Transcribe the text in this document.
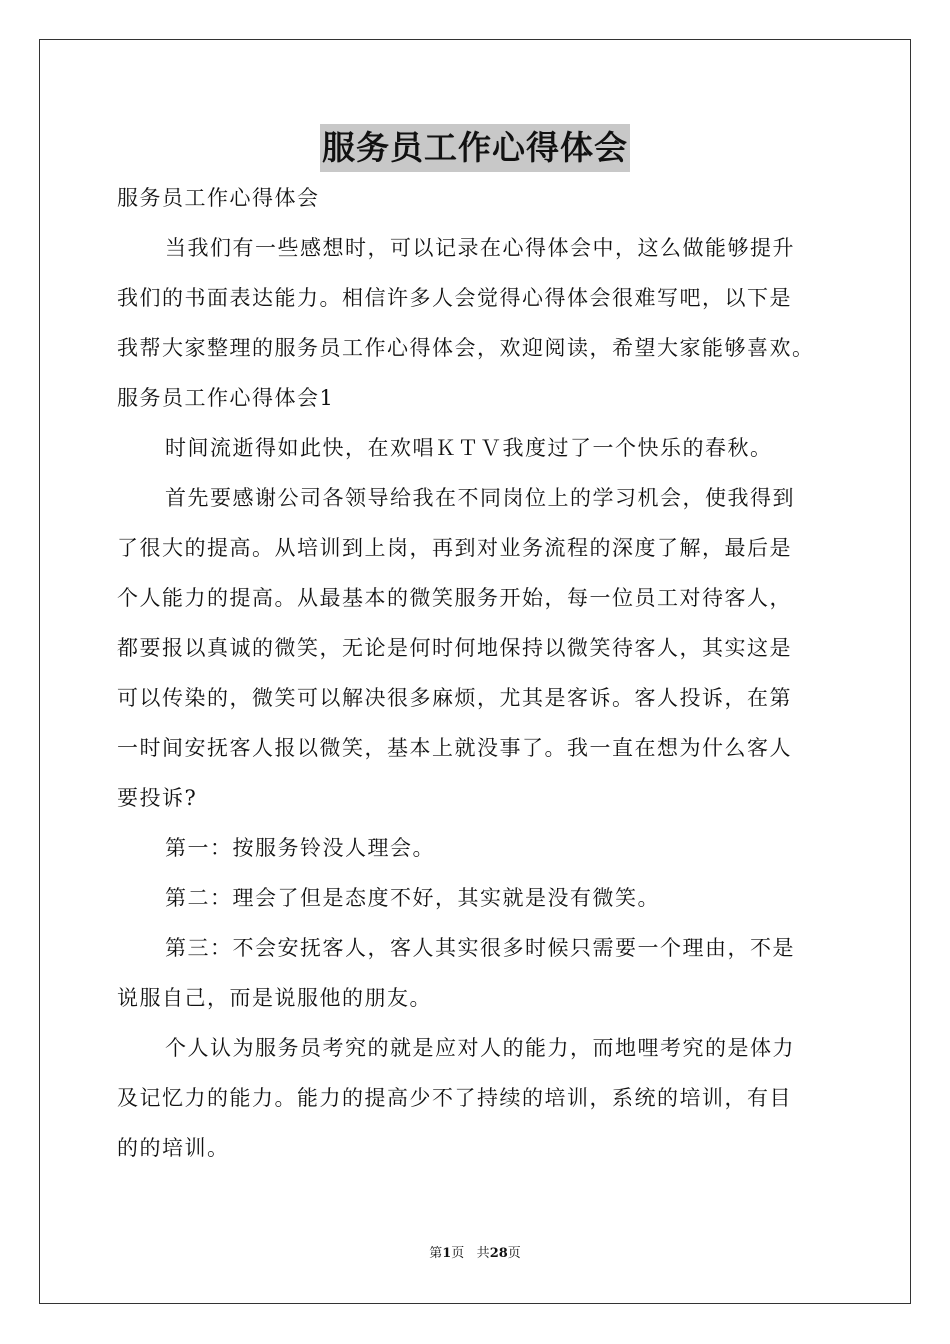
服务员工作心得体会
服务员工作心得体会
当我们有一些感想时，可以记录在心得体会中，这么做能够提升
我们的书面表达能力。相信许多人会觉得心得体会很难写吧，以下是
我帮大家整理的服务员工作心得体会，欢迎阅读，希望大家能够喜欢。
服务员工作心得体会1
时间流逝得如此快，在欢唱ＫＴＶ我度过了一个快乐的春秋。
首先要感谢公司各领导给我在不同岗位上的学习机会，使我得到
了很大的提高。从培训到上岗，再到对业务流程的深度了解，最后是
个人能力的提高。从最基本的微笑服务开始，每一位员工对待客人，
都要报以真诚的微笑，无论是何时何地保持以微笑待客人，其实这是
可以传染的，微笑可以解决很多麻烦，尤其是客诉。客人投诉，在第
一时间安抚客人报以微笑，基本上就没事了。我一直在想为什么客人
要投诉?
第一：按服务铃没人理会。
第二：理会了但是态度不好，其实就是没有微笑。
第三：不会安抚客人，客人其实很多时候只需要一个理由，不是
说服自己，而是说服他的朋友。
个人认为服务员考究的就是应对人的能力，而地哩考究的是体力
及记忆力的能力。能力的提高少不了持续的培训，系统的培训，有目
的的培训。
第1页 共28页
